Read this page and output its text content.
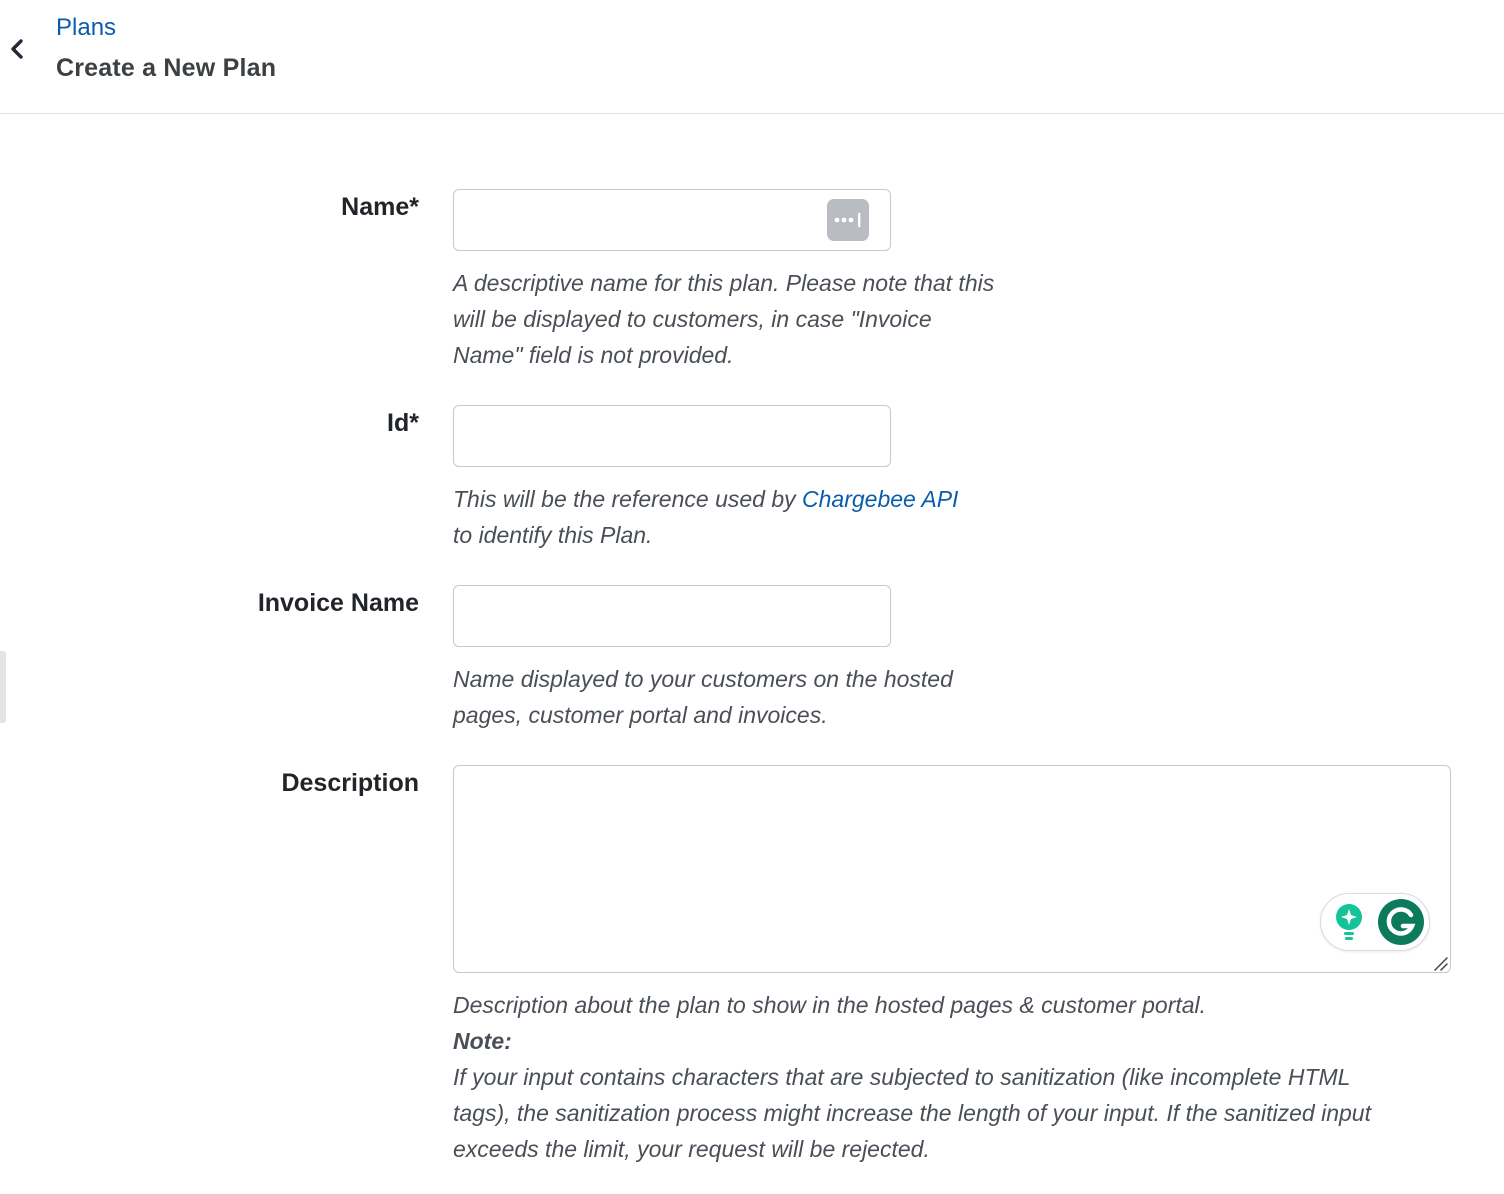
Plans
Create a New Plan
Name*
A descriptive name for this plan. Please note that this will be displayed to customers, in case "Invoice Name" field is not provided.
Id*
This will be the reference used by Chargebee API to identify this Plan.
Invoice Name
Name displayed to your customers on the hosted pages, customer portal and invoices.
Description
Description about the plan to show in the hosted pages & customer portal.
Note:
If your input contains characters that are subjected to sanitization (like incomplete HTML tags), the sanitization process might increase the length of your input. If the sanitized input exceeds the limit, your request will be rejected.
